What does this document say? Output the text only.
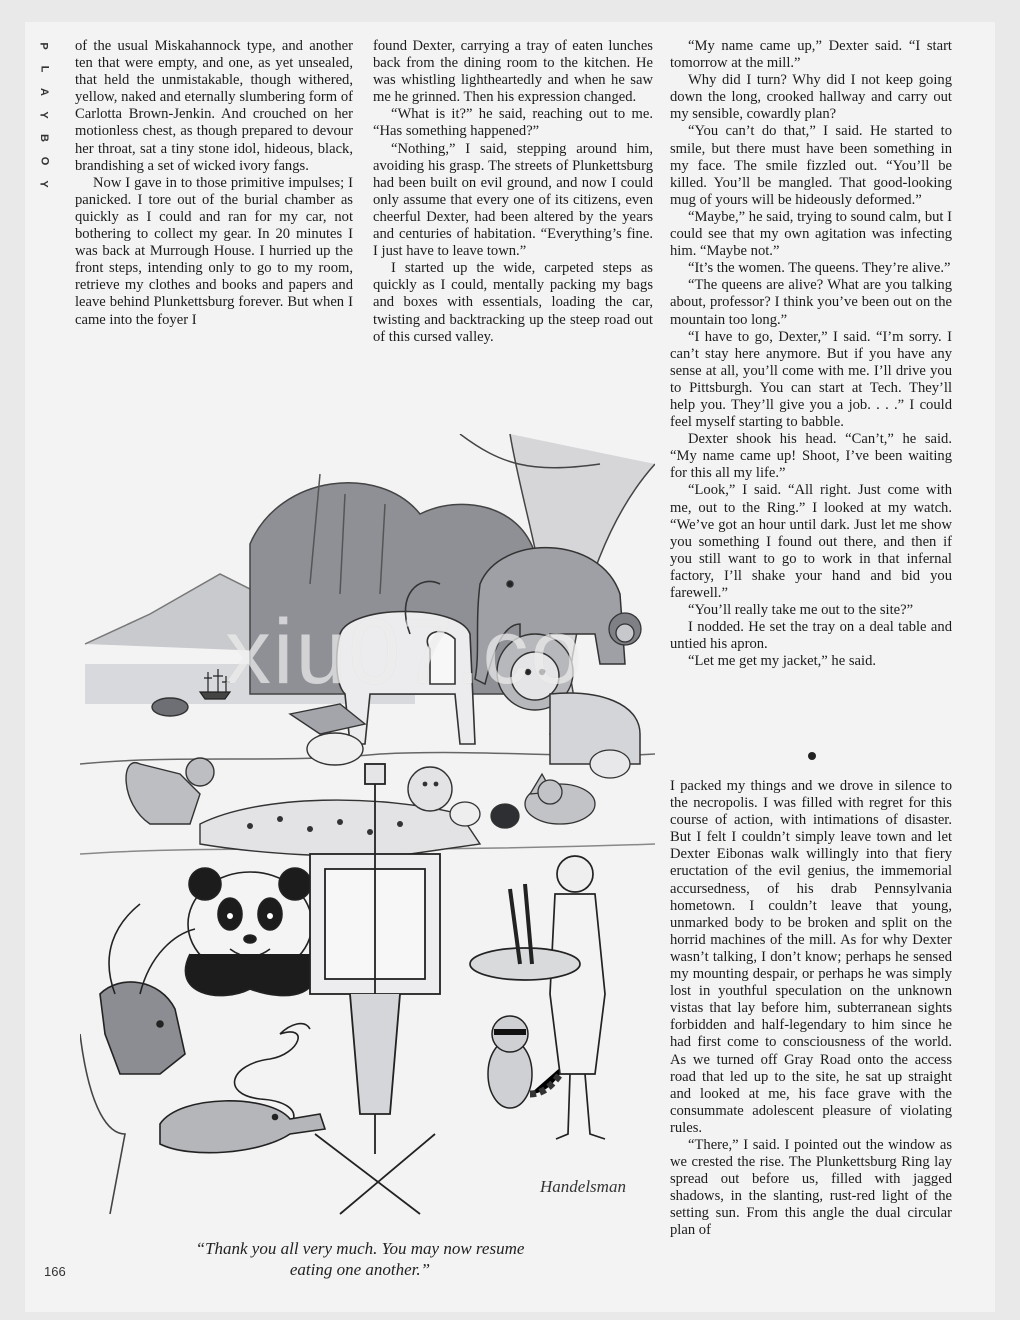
P
L
A
Y
B
O
Y

of the usual Miskahannock type, and another ten that were empty, and one, as yet unsealed, that held the unmistakable, though withered, yellow, naked and eternally slumbering form of Carlotta Brown-Jenkin. And crouched on her motionless chest, as though prepared to devour her throat, sat a tiny stone idol, hideous, black, brandishing a set of wicked ivory fangs.

Now I gave in to those primitive impulses; I panicked. I tore out of the burial chamber as quickly as I could and ran for my car, not bothering to collect my gear. In 20 minutes I was back at Murrough House. I hurried up the front steps, intending only to go to my room, retrieve my clothes and books and papers and leave behind Plunkettsburg forever. But when I came into the foyer I

found Dexter, carrying a tray of eaten lunches back from the dining room to the kitchen. He was whistling lightheartedly and when he saw me he grinned. Then his expression changed.

“What is it?” he said, reaching out to me. “Has something happened?”

“Nothing,” I said, stepping around him, avoiding his grasp. The streets of Plunkettsburg had been built on evil ground, and now I could only assume that every one of its citizens, even cheerful Dexter, had been altered by the years and centuries of habitation. “Everything’s fine. I just have to leave town.”

I started up the wide, carpeted steps as quickly as I could, mentally packing my bags and boxes with essentials, loading the car, twisting and backtracking up the steep road out of this cursed valley.

“My name came up,” Dexter said. “I start tomorrow at the mill.”

Why did I turn? Why did I not keep going down the long, crooked hallway and carry out my sensible, cowardly plan?

“You can’t do that,” I said. He started to smile, but there must have been something in my face. The smile fizzled out. “You’ll be killed. You’ll be mangled. That good-looking mug of yours will be hideously deformed.”

“Maybe,” he said, trying to sound calm, but I could see that my own agitation was infecting him. “Maybe not.”

“It’s the women. The queens. They’re alive.”

“The queens are alive? What are you talking about, professor? I think you’ve been out on the mountain too long.”

“I have to go, Dexter,” I said. “I’m sorry. I can’t stay here anymore. But if you have any sense at all, you’ll come with me. I’ll drive you to Pittsburgh. You can start at Tech. They’ll help you. They’ll give you a job. . . .” I could feel myself starting to babble.

Dexter shook his head. “Can’t,” he said. “My name came up! Shoot, I’ve been waiting for this all my life.”

“Look,” I said. “All right. Just come with me, out to the Ring.” I looked at my watch. “We’ve got an hour until dark. Just let me show you something I found out there, and then if you still want to go to work in that infernal factory, I’ll shake your hand and bid you farewell.”

“You’ll really take me out to the site?”

I nodded. He set the tray on a deal table and untied his apron.

“Let me get my jacket,” he said.

I packed my things and we drove in silence to the necropolis. I was filled with regret for this course of action, with intimations of disaster. But I felt I couldn’t simply leave town and let Dexter Eibonas walk willingly into that fiery eructation of the evil genius, the immemorial accursedness, of his drab Pennsylvania hometown. I couldn’t leave that young, unmarked body to be broken and split on the horrid machines of the mill. As for why Dexter wasn’t talking, I don’t know; perhaps he sensed my mounting despair, or perhaps he was simply lost in youthful speculation on the unknown vistas that lay before him, subterranean sights forbidden and half-legendary to him since he had first come to consciousness of the world. As we turned off Gray Road onto the access road that led up to the site, he sat up straight and looked at me, his face grave with the consummate adolescent pleasure of violating rules.

“There,” I said. I pointed out the window as we crested the rise. The Plunkettsburg Ring lay spread out before us, filled with jagged shadows, in the slanting, rust-red light of the setting sun. From this angle the dual circular plan of

Handelsman
“Thank you all very much. You may now resume
eating one another.”
166
xiu07.co
